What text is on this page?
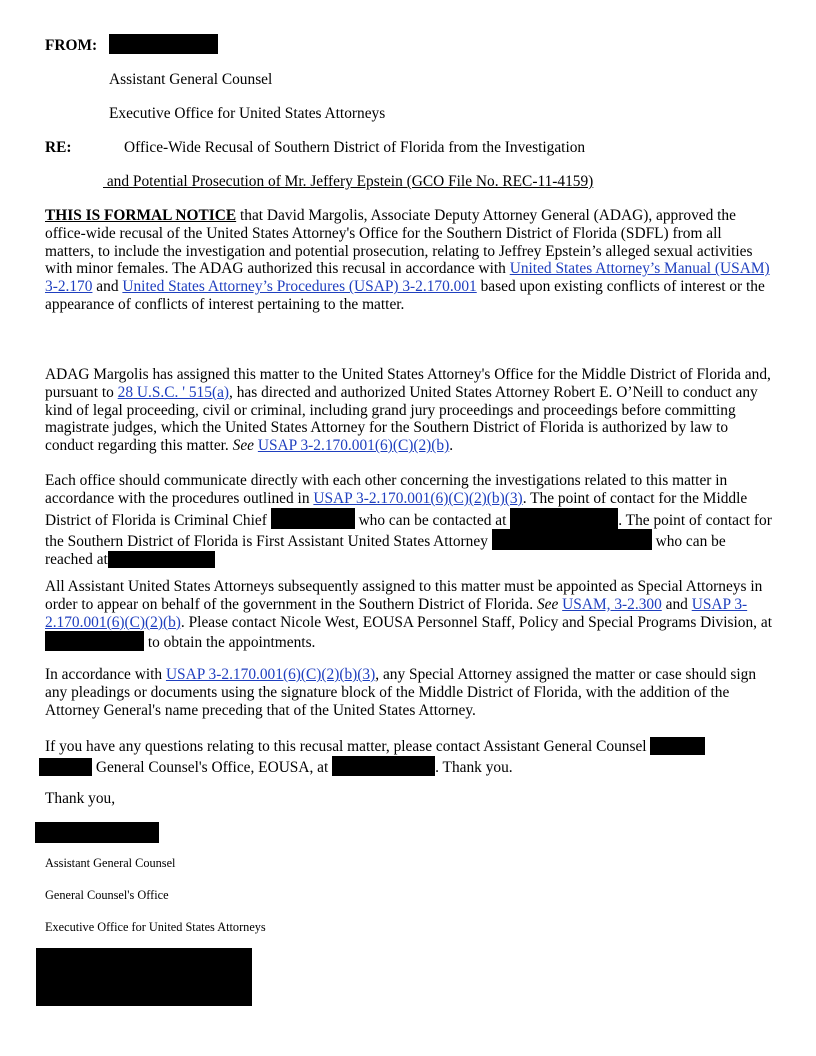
FROM:
Assistant General Counsel
Executive Office for United States Attorneys
RE:	Office-Wide Recusal of Southern District of Florida from the Investigation
and Potential Prosecution of Mr. Jeffery Epstein (GCO File No. REC-11-4159)
THIS IS FORMAL NOTICE that David Margolis, Associate Deputy Attorney General (ADAG), approved the office-wide recusal of the United States Attorney's Office for the Southern District of Florida (SDFL) from all matters, to include the investigation and potential prosecution, relating to Jeffrey Epstein’s alleged sexual activities with minor females. The ADAG authorized this recusal in accordance with United States Attorney’s Manual (USAM) 3-2.170 and United States Attorney’s Procedures (USAP) 3-2.170.001 based upon existing conflicts of interest or the appearance of conflicts of interest pertaining to the matter.
ADAG Margolis has assigned this matter to the United States Attorney's Office for the Middle District of Florida and, pursuant to 28 U.S.C. ' 515(a), has directed and authorized United States Attorney Robert E. O’Neill to conduct any kind of legal proceeding, civil or criminal, including grand jury proceedings and proceedings before committing magistrate judges, which the United States Attorney for the Southern District of Florida is authorized by law to conduct regarding this matter. See USAP 3-2.170.001(6)(C)(2)(b).
Each office should communicate directly with each other concerning the investigations related to this matter in accordance with the procedures outlined in USAP 3-2.170.001(6)(C)(2)(b)(3). The point of contact for the Middle District of Florida is Criminal Chief	who can be contacted at	. The point of contact for the Southern District of Florida is First Assistant United States Attorney	who can be reached at
All Assistant United States Attorneys subsequently assigned to this matter must be appointed as Special Attorneys in order to appear on behalf of the government in the Southern District of Florida. See USAM, 3-2.300 and USAP 3-2.170.001(6)(C)(2)(b). Please contact Nicole West, EOUSA Personnel Staff, Policy and Special Programs Division, at  to obtain the appointments.
In accordance with USAP 3-2.170.001(6)(C)(2)(b)(3), any Special Attorney assigned the matter or case should sign any pleadings or documents using the signature block of the Middle District of Florida, with the addition of the Attorney General's name preceding that of the United States Attorney.
If you have any questions relating to this recusal matter, please contact Assistant General Counsel
General Counsel's Office, EOUSA, at	. Thank you.
Thank you,
Assistant General Counsel
General Counsel's Office
Executive Office for United States Attorneys
